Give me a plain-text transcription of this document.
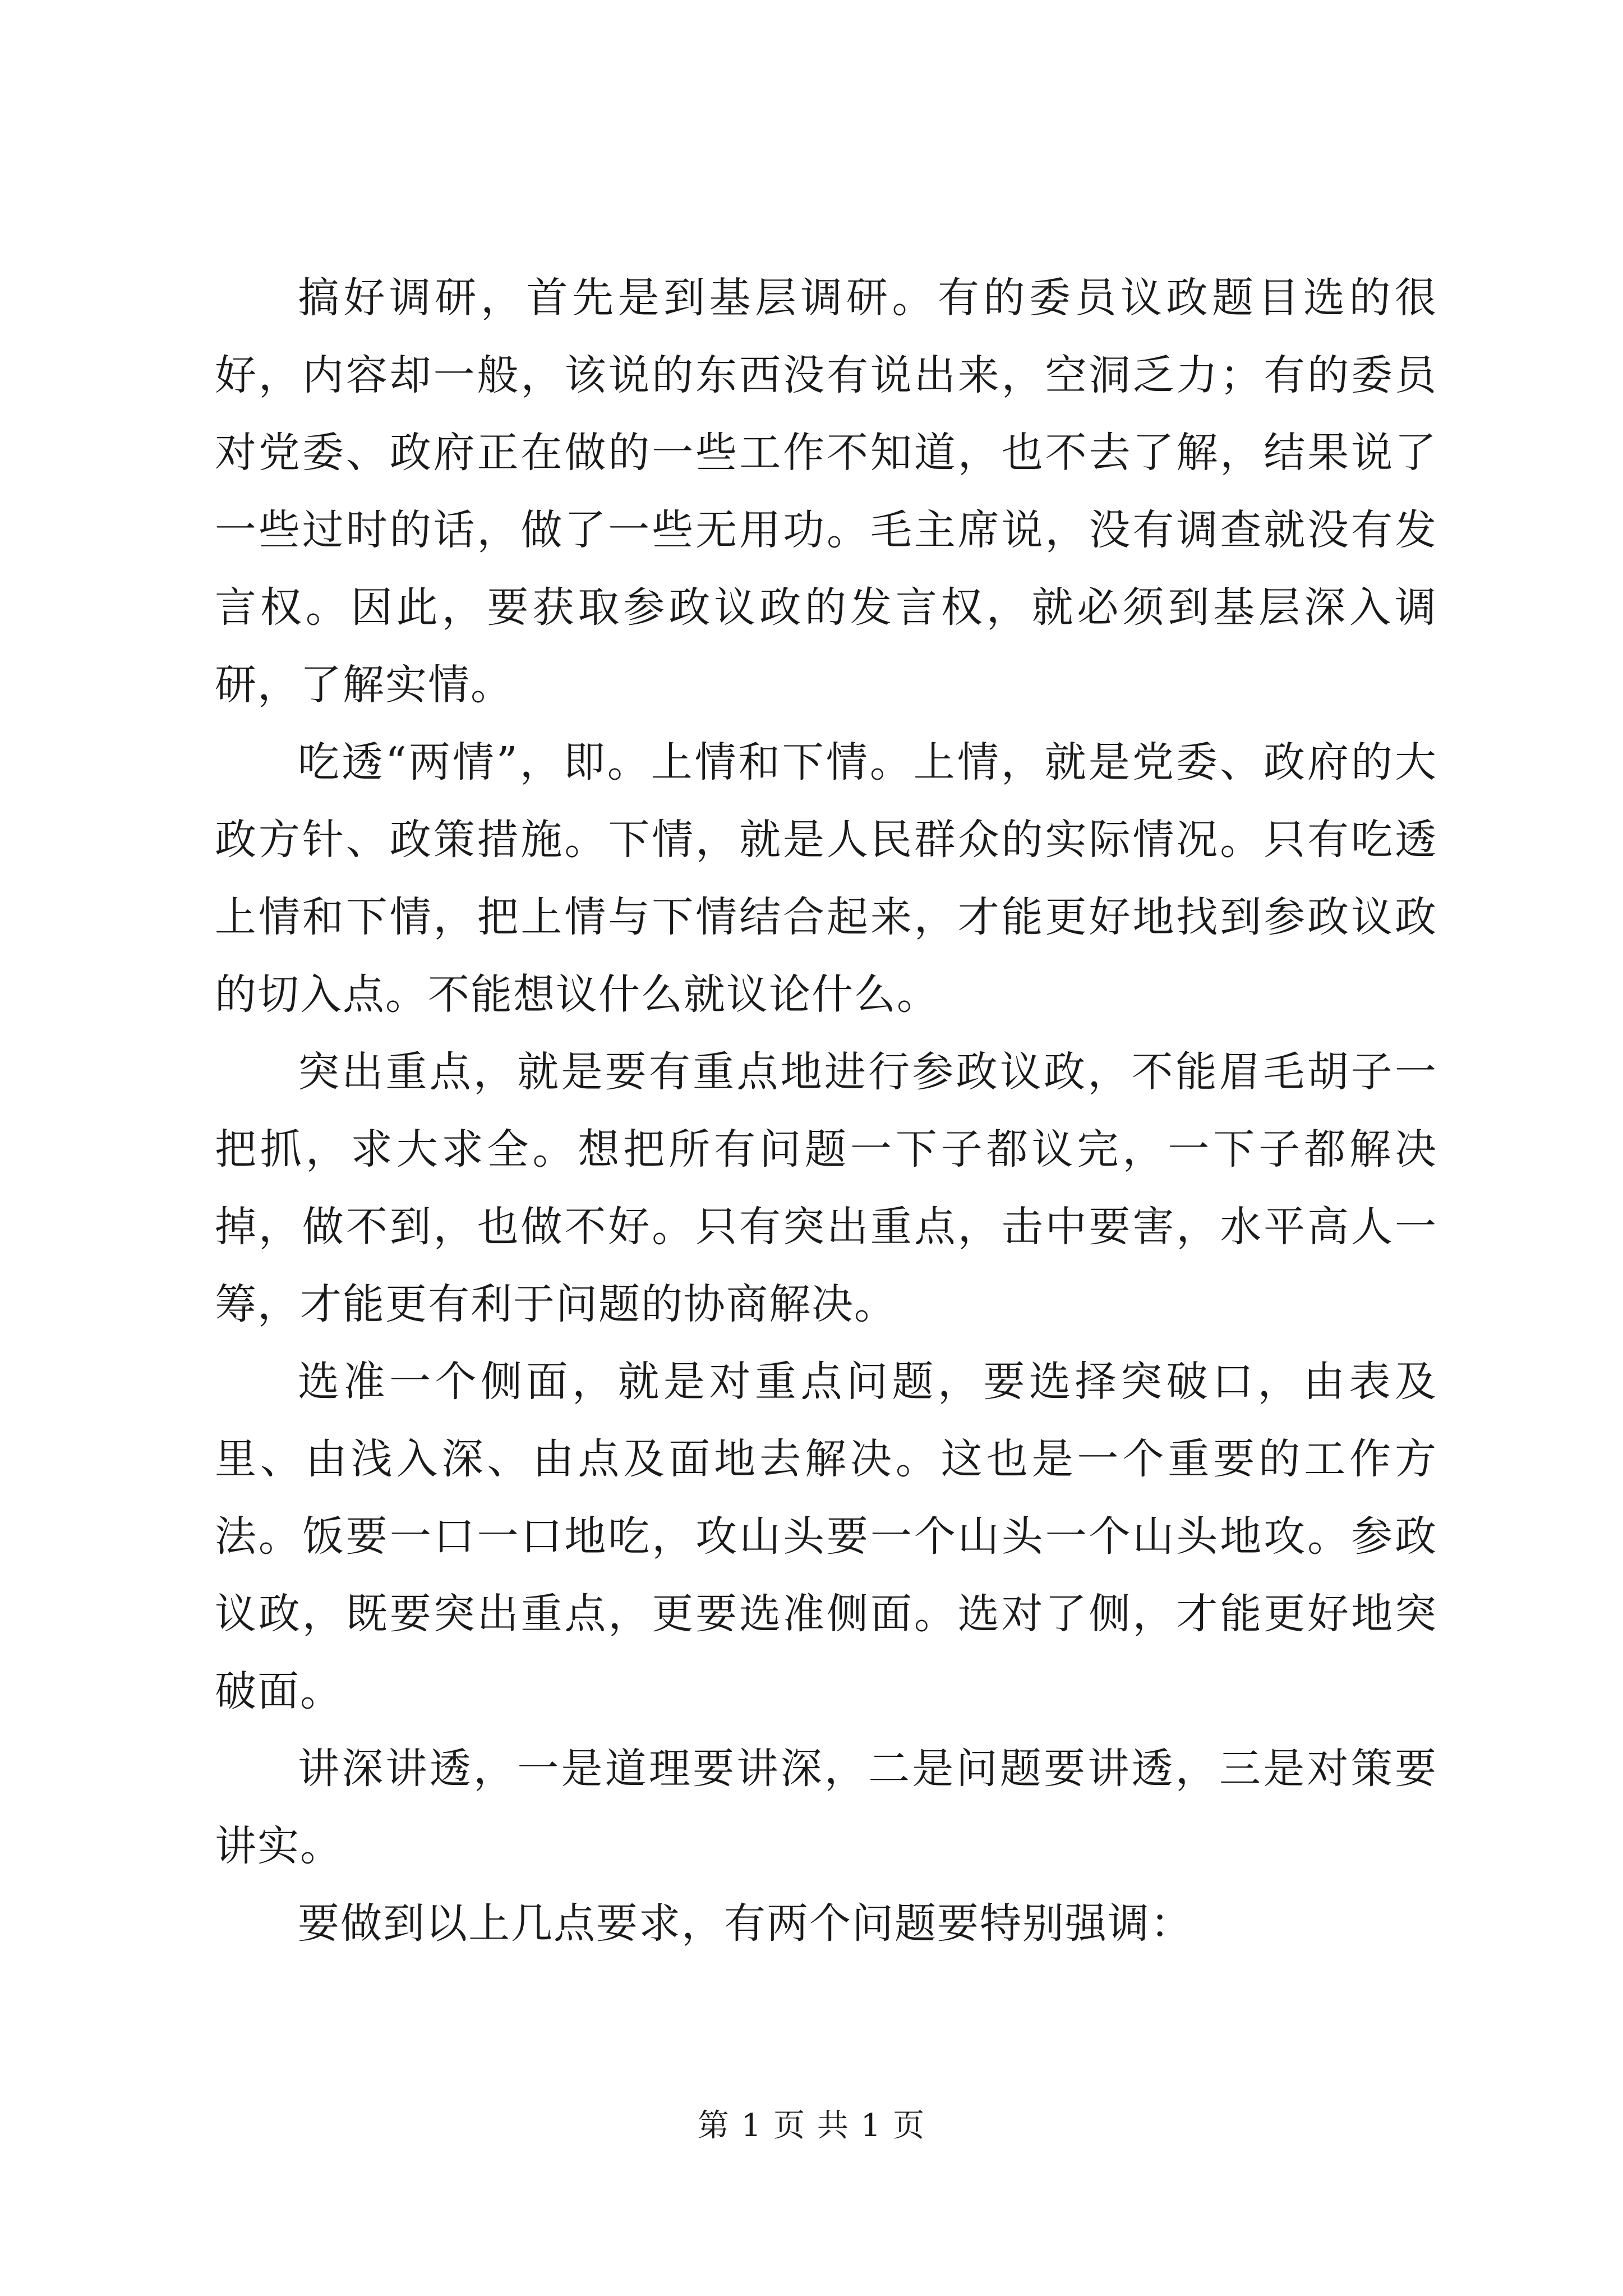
搞好调研，首先是到基层调研。有的委员议政题目选的很好，内容却一般，该说的东西没有说出来，空洞乏力；有的委员对党委、政府正在做的一些工作不知道，也不去了解，结果说了一些过时的话，做了一些无用功。毛主席说，没有调查就没有发言权。因此，要获取参政议政的发言权，就必须到基层深入调研，了解实情。

吃透“两情”，即。上情和下情。上情，就是党委、政府的大政方针、政策措施。下情，就是人民群众的实际情况。只有吃透上情和下情，把上情与下情结合起来，才能更好地找到参政议政的切入点。不能想议什么就议论什么。

突出重点，就是要有重点地进行参政议政，不能眉毛胡子一把抓，求大求全。想把所有问题一下子都议完，一下子都解决掉，做不到，也做不好。只有突出重点，击中要害，水平高人一筹，才能更有利于问题的协商解决。

选准一个侧面，就是对重点问题，要选择突破口，由表及里、由浅入深、由点及面地去解决。这也是一个重要的工作方法。饭要一口一口地吃，攻山头要一个山头一个山头地攻。参政议政，既要突出重点，更要选准侧面。选对了侧，才能更好地突破面。

讲深讲透，一是道理要讲深，二是问题要讲透，三是对策要讲实。

要做到以上几点要求，有两个问题要特别强调：

第 1 页 共 1 页
